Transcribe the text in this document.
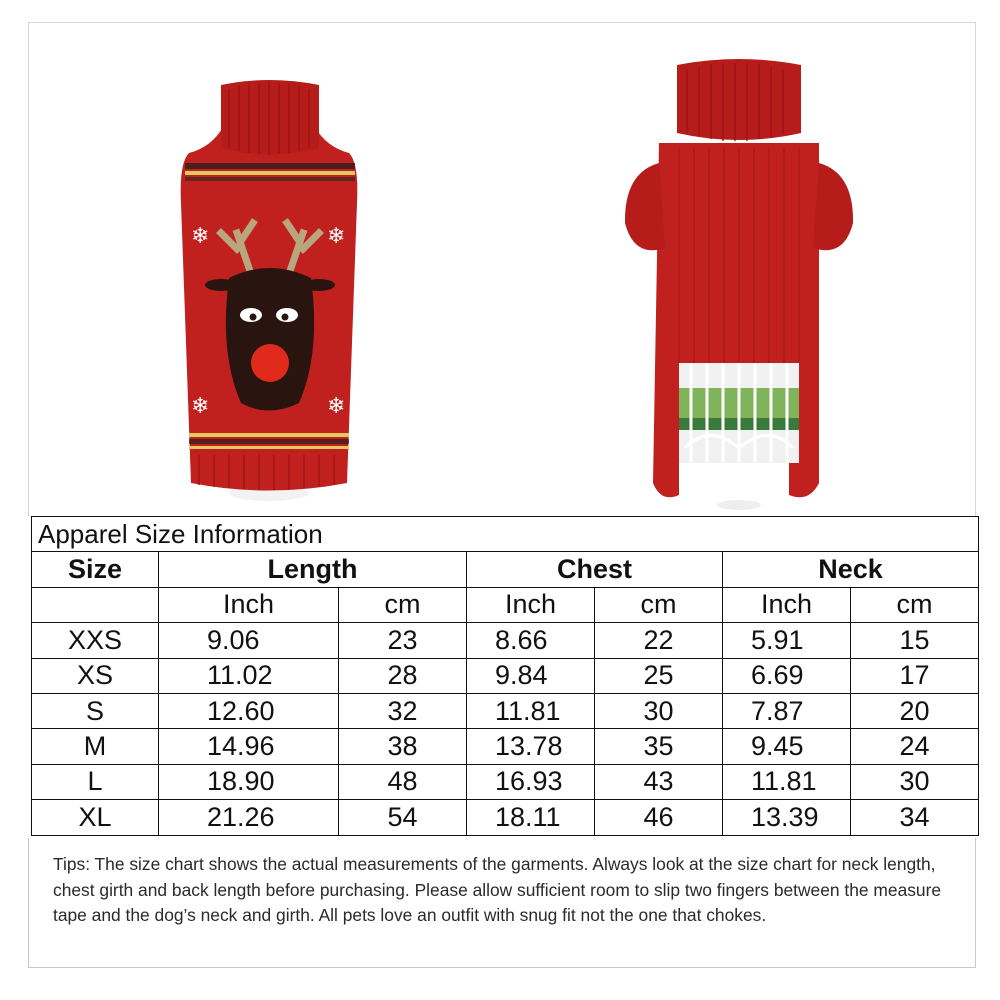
❄	❄
❄	❄
Apparel Size Information						
Size	Length		Chest		Neck	
	Inch	cm	Inch	cm	Inch	cm
XXS	9.06	23	8.66	22	5.91	15
XS	11.02	28	9.84	25	6.69	17
S	12.60	32	11.81	30	7.87	20
M	14.96	38	13.78	35	9.45	24
L	18.90	48	16.93	43	11.81	30
XL	21.26	54	18.11	46	13.39	34

Tips: The size chart shows the actual measurements of the garments. Always look at the size chart for neck length, chest girth and back length before purchasing. Please allow sufficient room to slip two fingers between the measure tape and the dog’s neck and girth. All pets love an outfit with snug fit not the one that chokes.
